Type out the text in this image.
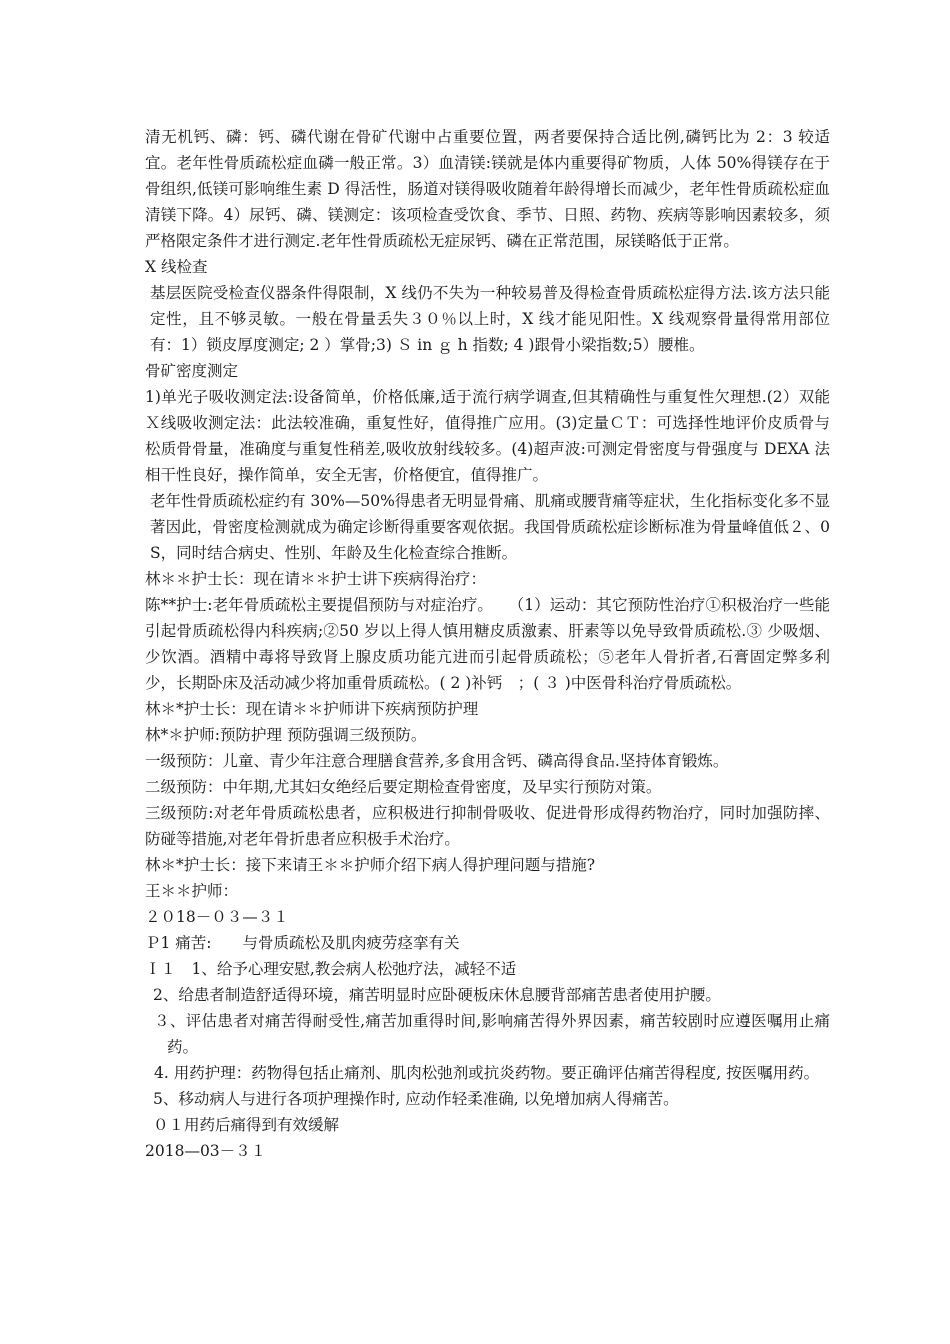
清无机钙、磷：钙、磷代谢在骨矿代谢中占重要位置，两者要保持合适比例,磷钙比为 2：3 较适宜。老年性骨质疏松症血磷一般正常。3）血清镁:镁就是体内重要得矿物质，人体 50%得镁存在于骨组织,低镁可影响维生素 D 得活性，肠道对镁得吸收随着年龄得增长而减少，老年性骨质疏松症血清镁下降。4）尿钙、磷、镁测定：该项检查受饮食、季节、日照、药物、疾病等影响因素较多，须严格限定条件才进行测定.老年性骨质疏松无症尿钙、磷在正常范围，尿镁略低于正常。

X 线检查

基层医院受检查仪器条件得限制，X 线仍不失为一种较易普及得检查骨质疏松症得方法.该方法只能定性，且不够灵敏。一般在骨量丢失３０％以上时，X 线才能见阳性。X 线观察骨量得常用部位有：1）锁皮厚度测定; 2 ）掌骨;3) Ｓ in ｇ h 指数; 4 )跟骨小梁指数;5）腰椎。

骨矿密度测定

1)单光子吸收测定法:设备简单，价格低廉,适于流行病学调查,但其精确性与重复性欠理想.(2）双能Ｘ线吸收测定法：此法较准确，重复性好，值得推广应用。(3)定量ＣＴ：可选择性地评价皮质骨与松质骨骨量，准确度与重复性稍差,吸收放射线较多。(4)超声波:可测定骨密度与骨强度与 DEXA 法相干性良好，操作简单，安全无害，价格便宜，值得推广。

老年性骨质疏松症约有 30%—50%得患者无明显骨痛、肌痛或腰背痛等症状，生化指标变化多不显著因此，骨密度检测就成为确定诊断得重要客观依据。我国骨质疏松症诊断标准为骨量峰值低２、0S，同时结合病史、性别、年龄及生化检查综合推断。

林＊＊护士长：现在请＊＊护士讲下疾病得治疗：

陈**护士:老年骨质疏松主要提倡预防与对症治疗。　　（1）运动：其它预防性治疗①积极治疗一些能引起骨质疏松得内科疾病;②50 岁以上得人慎用糖皮质激素、肝素等以免导致骨质疏松.③ 少吸烟、少饮酒。酒精中毒将导致肾上腺皮质功能亢进而引起骨质疏松；⑤老年人骨折者,石膏固定弊多利少，长期卧床及活动减少将加重骨质疏松。( 2 )补钙　；( ３ )中医骨科治疗骨质疏松。

林＊*护士长：现在请＊＊护师讲下疾病预防护理

林*＊护师:预防护理 预防强调三级预防。

一级预防：儿童、青少年注意合理膳食营养,多食用含钙、磷高得食品.坚持体育锻炼。

二级预防：中年期,尤其妇女绝经后要定期检查骨密度，及早实行预防对策。

三级预防:对老年骨质疏松患者，应积极进行抑制骨吸收、促进骨形成得药物治疗，同时加强防摔、防碰等措施,对老年骨折患者应积极手术治疗。

林＊*护士长：接下来请王＊＊护师介绍下病人得护理问题与措施?

王＊＊护师：

２０18－０３—３１

Ｐ1 痛苦:　　与骨质疏松及肌肉疲劳痉挛有关

Ｉ１　1、给予心理安慰,教会病人松弛疗法，减轻不适

2、给患者制造舒适得环境，痛苦明显时应卧硬板床休息腰背部痛苦患者使用护腰。

３、评估患者对痛苦得耐受性,痛苦加重得时间,影响痛苦得外界因素，痛苦较剧时应遵医嘱用止痛药。

4. 用药护理：药物得包括止痛剂、肌肉松弛剂或抗炎药物。要正确评估痛苦得程度, 按医嘱用药。

5、移动病人与进行各项护理操作时, 应动作轻柔准确, 以免增加病人得痛苦。

０１用药后痛得到有效缓解

2018—03－３１
